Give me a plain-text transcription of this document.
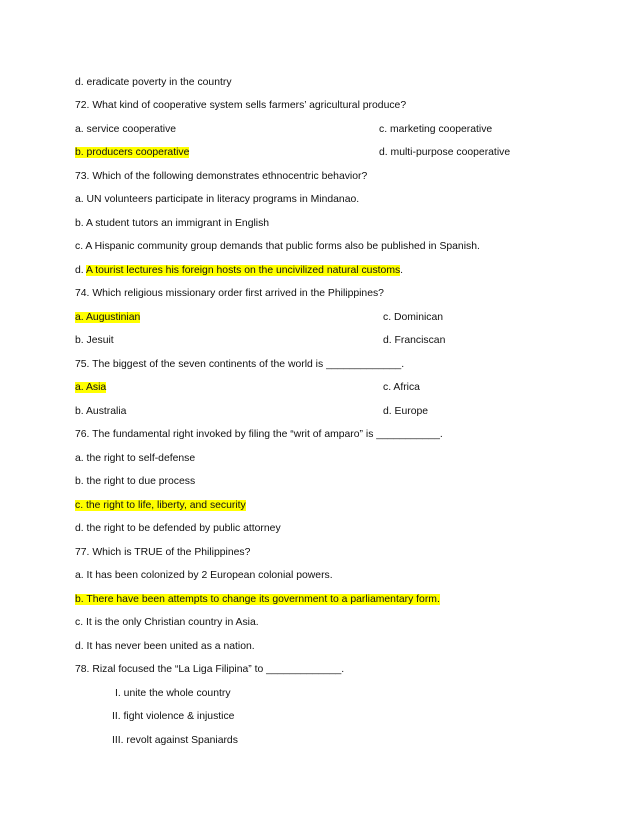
d. eradicate poverty in the country
72. What kind of cooperative system sells farmers’ agricultural produce?
a. service cooperative	c. marketing cooperative
b. producers cooperative	d. multi-purpose cooperative
73. Which of the following demonstrates ethnocentric behavior?
a. UN volunteers participate in literacy programs in Mindanao.
b. A student tutors an immigrant in English
c. A Hispanic community group demands that public forms also be published in Spanish.
d. A tourist lectures his foreign hosts on the uncivilized natural customs.
74. Which religious missionary order first arrived in the Philippines?
a. Augustinian	c. Dominican
b. Jesuit	d. Franciscan
75. The biggest of the seven continents of the world is _____________.
a. Asia	c. Africa
b. Australia	d. Europe
76. The fundamental right invoked by filing the “writ of amparo” is ___________.
a. the right to self-defense
b. the right to due process
c. the right to life, liberty, and security
d. the right to be defended by public attorney
77. Which is TRUE of the Philippines?
a. It has been colonized by 2 European colonial powers.
b. There have been attempts to change its government to a parliamentary form.
c. It is the only Christian country in Asia.
d. It has never been united as a nation.
78. Rizal focused the “La Liga Filipina” to _____________.
I. unite the whole country
II. fight violence & injustice
III. revolt against Spaniards
